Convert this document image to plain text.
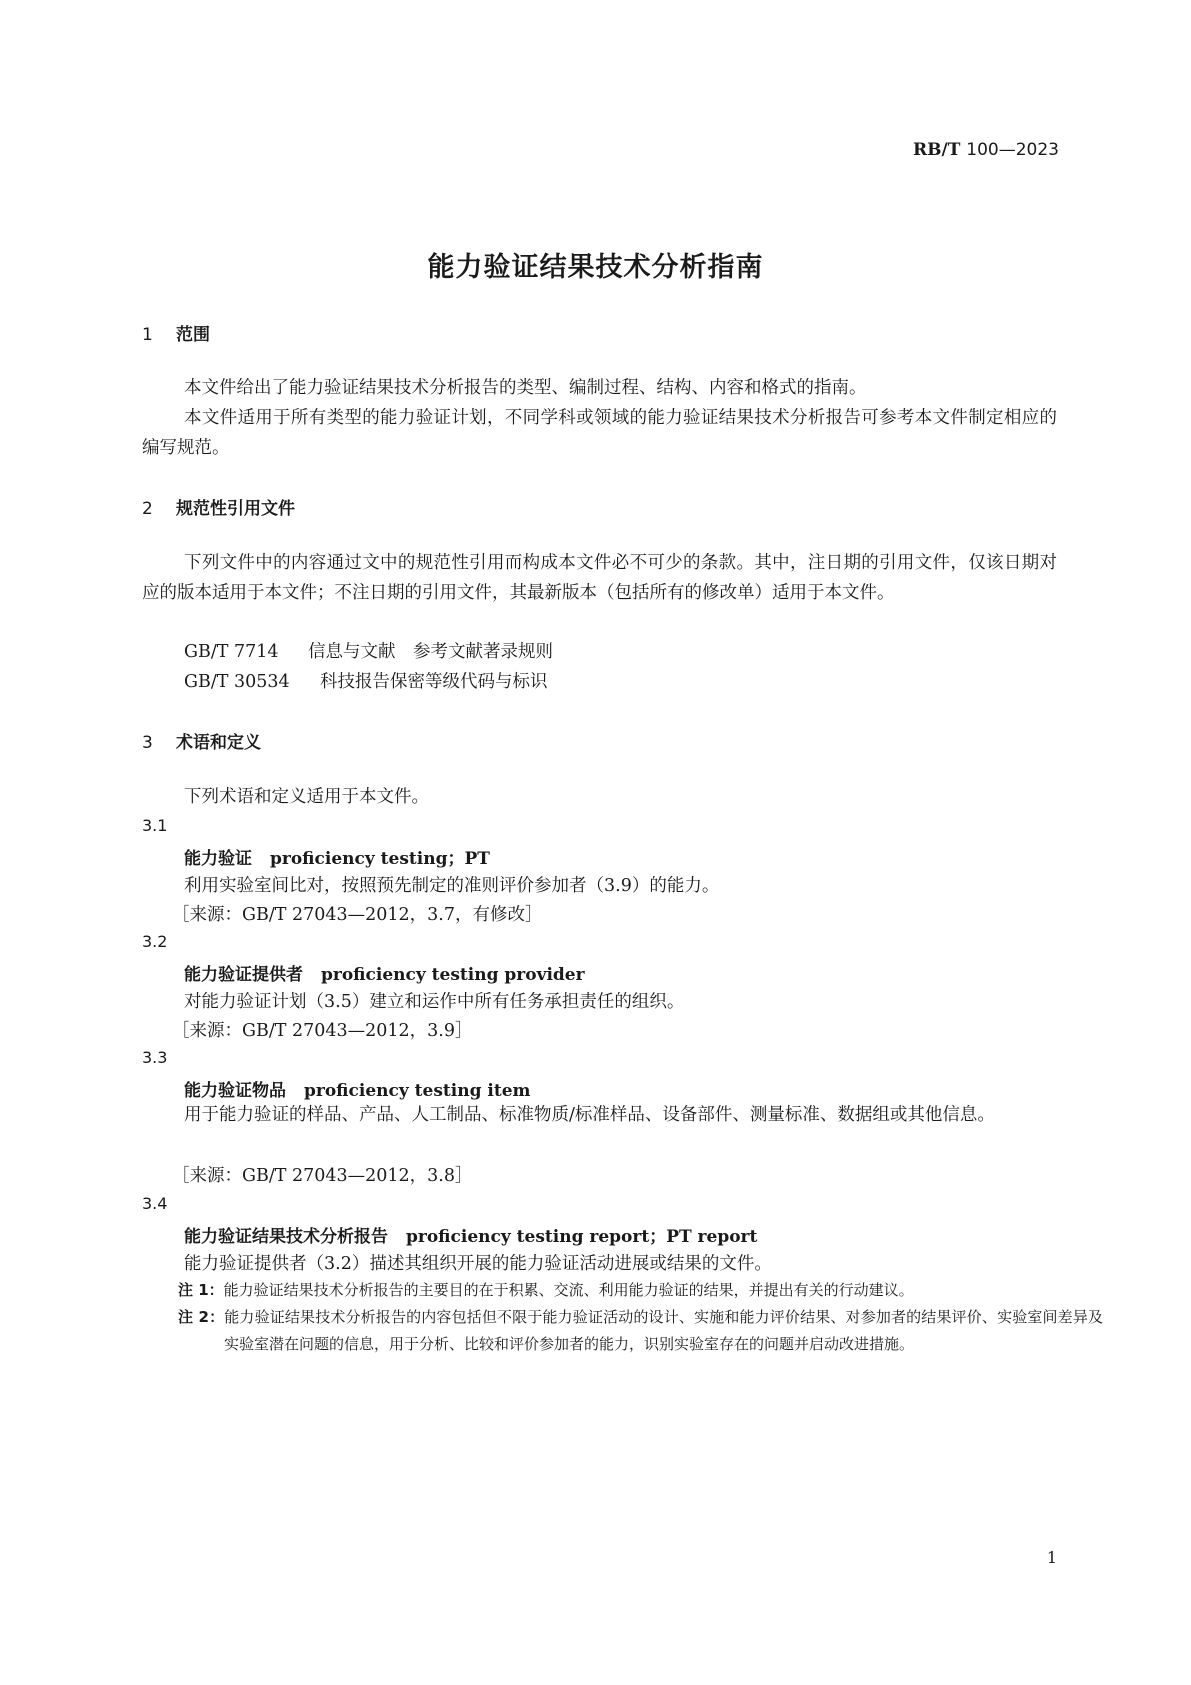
RB/T 100—2023
能力验证结果技术分析指南
1 范围
本文件给出了能力验证结果技术分析报告的类型、编制过程、结构、内容和格式的指南。
本文件适用于所有类型的能力验证计划，不同学科或领域的能力验证结果技术分析报告可参考本文件制定相应的编写规范。
2 规范性引用文件
下列文件中的内容通过文中的规范性引用而构成本文件必不可少的条款。其中，注日期的引用文件，仅该日期对应的版本适用于本文件；不注日期的引用文件，其最新版本（包括所有的修改单）适用于本文件。
GB/T 7714 信息与文献　参考文献著录规则
GB/T 30534 科技报告保密等级代码与标识
3 术语和定义
下列术语和定义适用于本文件。
3.1
能力验证 proficiency testing；PT
利用实验室间比对，按照预先制定的准则评价参加者（3.9）的能力。
［来源：GB/T 27043—2012，3.7，有修改］
3.2
能力验证提供者 proficiency testing provider
对能力验证计划（3.5）建立和运作中所有任务承担责任的组织。
［来源：GB/T 27043—2012，3.9］
3.3
能力验证物品 proficiency testing item
用于能力验证的样品、产品、人工制品、标准物质/标准样品、设备部件、测量标准、数据组或其他信息。
［来源：GB/T 27043—2012，3.8］
3.4
能力验证结果技术分析报告 proficiency testing report；PT report
能力验证提供者（3.2）描述其组织开展的能力验证活动进展或结果的文件。
注 1：能力验证结果技术分析报告的主要目的在于积累、交流、利用能力验证的结果，并提出有关的行动建议。
注 2：能力验证结果技术分析报告的内容包括但不限于能力验证活动的设计、实施和能力评价结果、对参加者的结果评价、实验室间差异及实验室潜在问题的信息，用于分析、比较和评价参加者的能力，识别实验室存在的问题并启动改进措施。
1
